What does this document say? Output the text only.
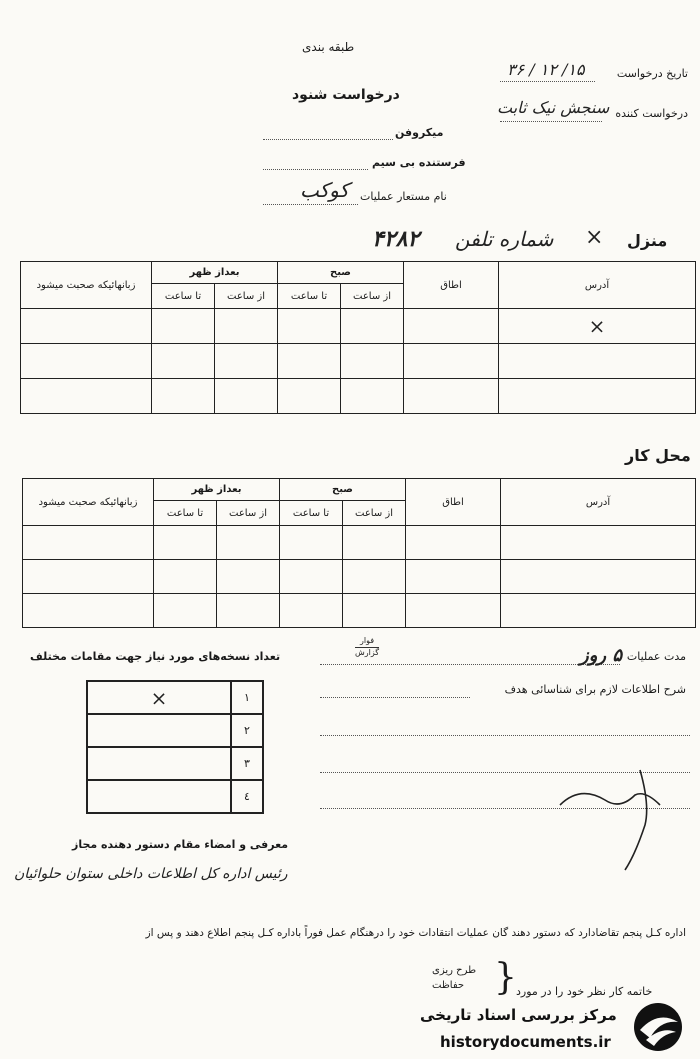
طبقه بندی
درخواست شنود
تاریخ درخواست
۱۵/ ۱۲ / ۳۶
درخواست کننده
سنجش نیک ثابت
میکروفن
فرستنده بی سیم
نام مستعار عملیات
کوکب
منزل
×
شماره تلفن
۴۲۸۲
آدرس	اطاق	صبح		بعداز ظهر		زبانهائیکه صحبت میشود
		از ساعت	تا ساعت	از ساعت	تا ساعت	
×						

محل کار
آدرس	اطاق	صبح		بعداز ظهر		زبانهائیکه صحبت میشود
		از ساعت	تا ساعت	از ساعت	تا ساعت	

مدت عملیات
فوار
گزارش	۵ روز
شرح اطلاعات لازم برای شناسائی هدف
تعداد نسخه‌های مورد نیاز جهت مقامات مختلف
×	۱
	۲
	۳
	٤
معرفی و امضاء مقام دستور دهنده مجاز
رئیس اداره کل اطلاعات داخلی ستوان حلوائیان
اداره کـل پنجم تقاضادارد که دستور دهند گان عملیات انتقادات خود را درهنگام عمل فوراً باداره کـل پنجم اطلاع دهند و پس از
خاتمه کار نظر خود را در مورد
طرح ریزی
حفاظت }
مرکز بررسی اسناد تاریخی
historydocuments.ir
